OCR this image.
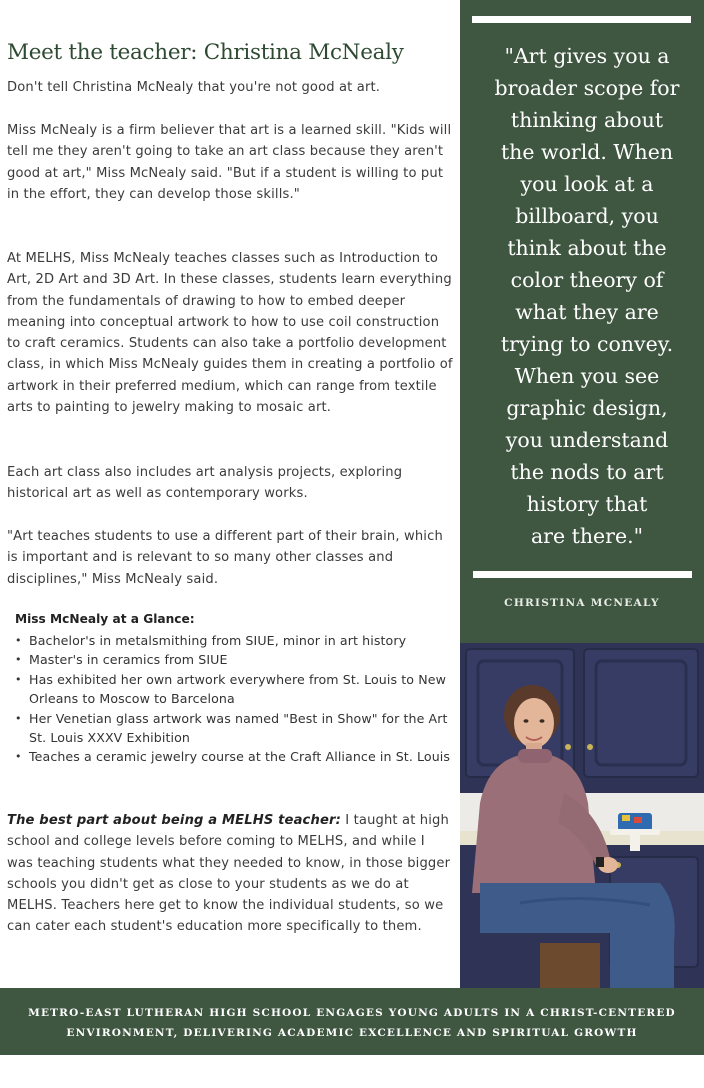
Meet the teacher: Christina McNealy

Don't tell Christina McNealy that you're not good at art.

Miss McNealy is a firm believer that art is a learned skill. "Kids will tell me they aren't going to take an art class because they aren't good at art," Miss McNealy said. "But if a student is willing to put in the effort, they can develop those skills."

At MELHS, Miss McNealy teaches classes such as Introduction to Art, 2D Art and 3D Art. In these classes, students learn everything from the fundamentals of drawing to how to embed deeper meaning into conceptual artwork to how to use coil construction to craft ceramics. Students can also take a portfolio development class, in which Miss McNealy guides them in creating a portfolio of artwork in their preferred medium, which can range from textile arts to painting to jewelry making to mosaic art.

Each art class also includes art analysis projects, exploring historical art as well as contemporary works.

"Art teaches students to use a different part of their brain, which is important and is relevant to so many other classes and disciplines," Miss McNealy said.

Miss McNealy at a Glance:

• Bachelor's in metalsmithing from SIUE, minor in art history
• Master's in ceramics from SIUE
• Has exhibited her own artwork everywhere from St. Louis to New Orleans to Moscow to Barcelona
• Her Venetian glass artwork was named "Best in Show" for the Art St. Louis XXXV Exhibition
• Teaches a ceramic jewelry course at the Craft Alliance in St. Louis

The best part about being a MELHS teacher: I taught at high school and college levels before coming to MELHS, and while I was teaching students what they needed to know, in those bigger schools you didn't get as close to your students as we do at MELHS. Teachers here get to know the individual students, so we can cater each student's education more specifically to them.

"Art gives you a
broader scope for
thinking about
the world. When
you look at a
billboard, you
think about the
color theory of
what they are
trying to convey.
When you see
graphic design,
you understand
the nods to art
history that
are there."

CHRISTINA MCNEALY

METRO-EAST LUTHERAN HIGH SCHOOL ENGAGES YOUNG ADULTS IN A CHRIST-CENTERED
ENVIRONMENT, DELIVERING ACADEMIC EXCELLENCE AND SPIRITUAL GROWTH
